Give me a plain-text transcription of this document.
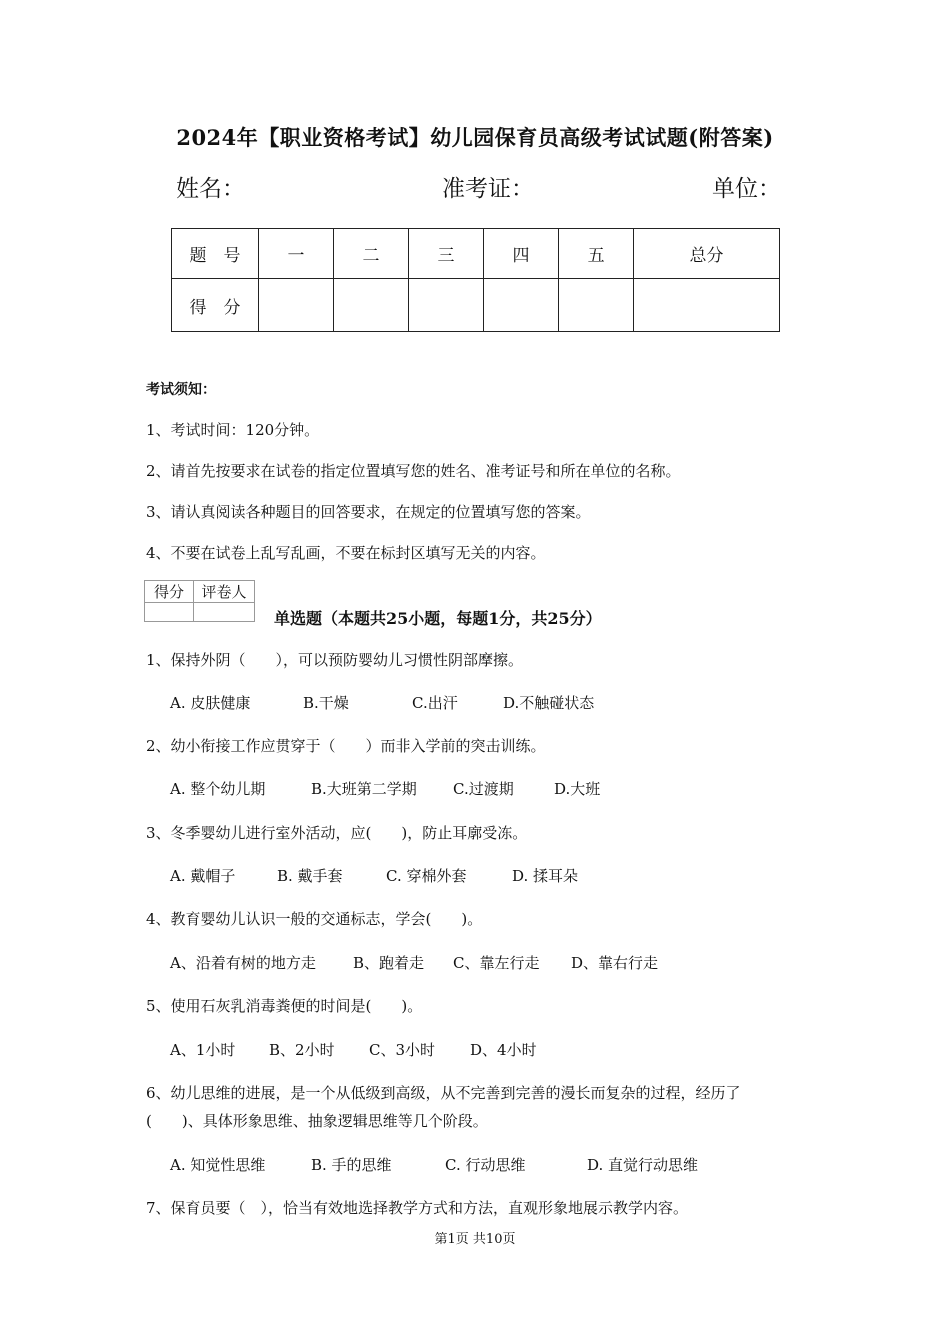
2024年【职业资格考试】幼儿园保育员高级考试试题(附答案)
姓名：	准考证：	单位：
题　号	一	二	三	四	五	总分
得　分						
考试须知：
1、考试时间：120分钟。
2、请首先按要求在试卷的指定位置填写您的姓名、准考证号和所在单位的名称。
3、请认真阅读各种题目的回答要求，在规定的位置填写您的答案。
4、不要在试卷上乱写乱画，不要在标封区填写无关的内容。
得分	评卷人

单选题（本题共25小题，每题1分，共25分）
1、保持外阴（　　），可以预防婴幼儿习惯性阴部摩擦。
A. 皮肤健康	B.干燥	C.出汗	D.不触碰状态
2、幼小衔接工作应贯穿于（　　）而非入学前的突击训练。
A. 整个幼儿期	B.大班第二学期 C.过渡期	D.大班
3、冬季婴幼儿进行室外活动，应(　　)，防止耳廓受冻。
A. 戴帽子	B. 戴手套	C. 穿棉外套	D. 揉耳朵
4、教育婴幼儿认识一般的交通标志，学会(　　)。
A、沿着有树的地方走 B、跑着走 C、靠左行走 D、靠右行走
5、使用石灰乳消毒粪便的时间是(　　)。
A、1小时 B、2小时 C、3小时 D、4小时
6、幼儿思维的进展，是一个从低级到高级，从不完善到完善的漫长而复杂的过程，经历了
(　　)、具体形象思维、抽象逻辑思维等几个阶段。
A. 知觉性思维	B. 手的思维	C. 行动思维	D. 直觉行动思维
7、保育员要（　），恰当有效地选择教学方式和方法，直观形象地展示教学内容。
第1页 共10页
